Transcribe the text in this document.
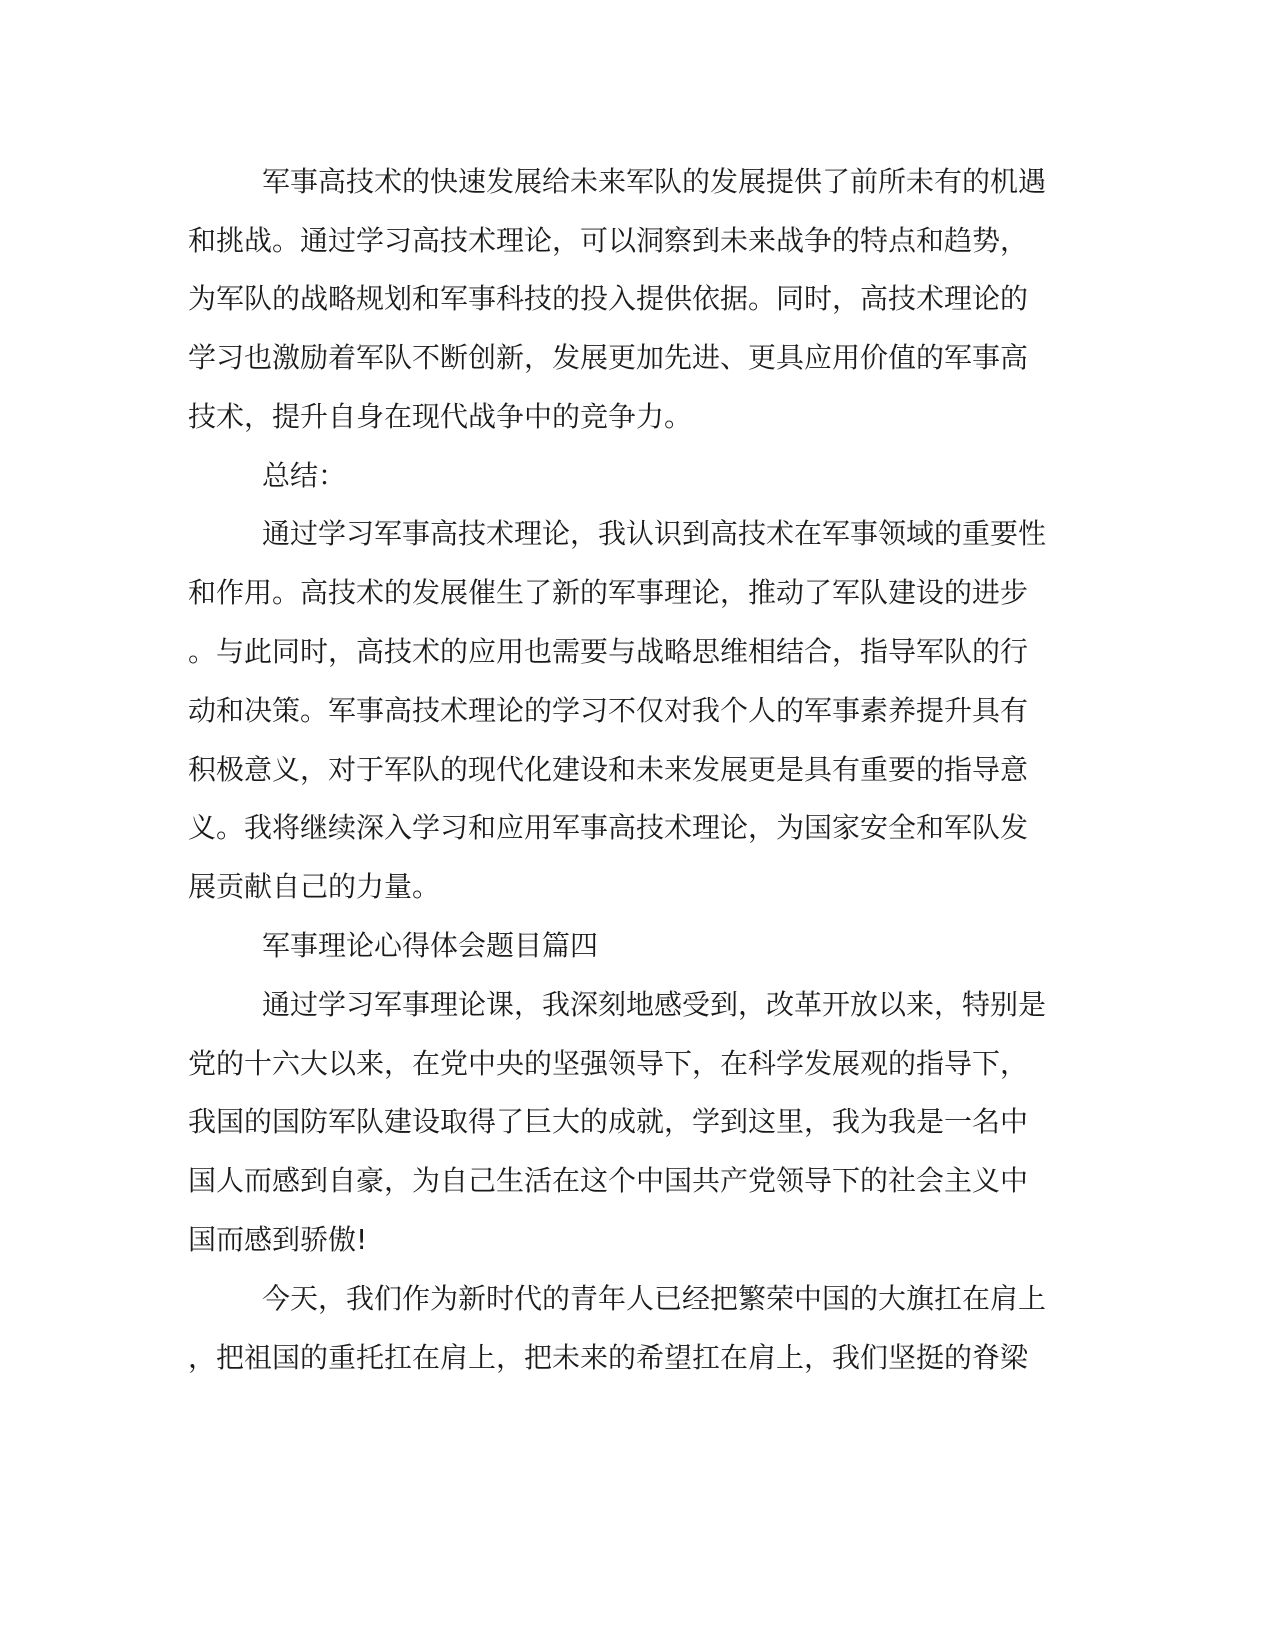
军事高技术的快速发展给未来军队的发展提供了前所未有的机遇
和挑战。通过学习高技术理论，可以洞察到未来战争的特点和趋势，
为军队的战略规划和军事科技的投入提供依据。同时，高技术理论的
学习也激励着军队不断创新，发展更加先进、更具应用价值的军事高
技术，提升自身在现代战争中的竞争力。
总结：
通过学习军事高技术理论，我认识到高技术在军事领域的重要性
和作用。高技术的发展催生了新的军事理论，推动了军队建设的进步
。与此同时，高技术的应用也需要与战略思维相结合，指导军队的行
动和决策。军事高技术理论的学习不仅对我个人的军事素养提升具有
积极意义，对于军队的现代化建设和未来发展更是具有重要的指导意
义。我将继续深入学习和应用军事高技术理论，为国家安全和军队发
展贡献自己的力量。
军事理论心得体会题目篇四
通过学习军事理论课，我深刻地感受到，改革开放以来，特别是
党的十六大以来，在党中央的坚强领导下，在科学发展观的指导下，
我国的国防军队建设取得了巨大的成就，学到这里，我为我是一名中
国人而感到自豪，为自己生活在这个中国共产党领导下的社会主义中
国而感到骄傲!
今天，我们作为新时代的青年人已经把繁荣中国的大旗扛在肩上
，把祖国的重托扛在肩上，把未来的希望扛在肩上，我们坚挺的脊梁
